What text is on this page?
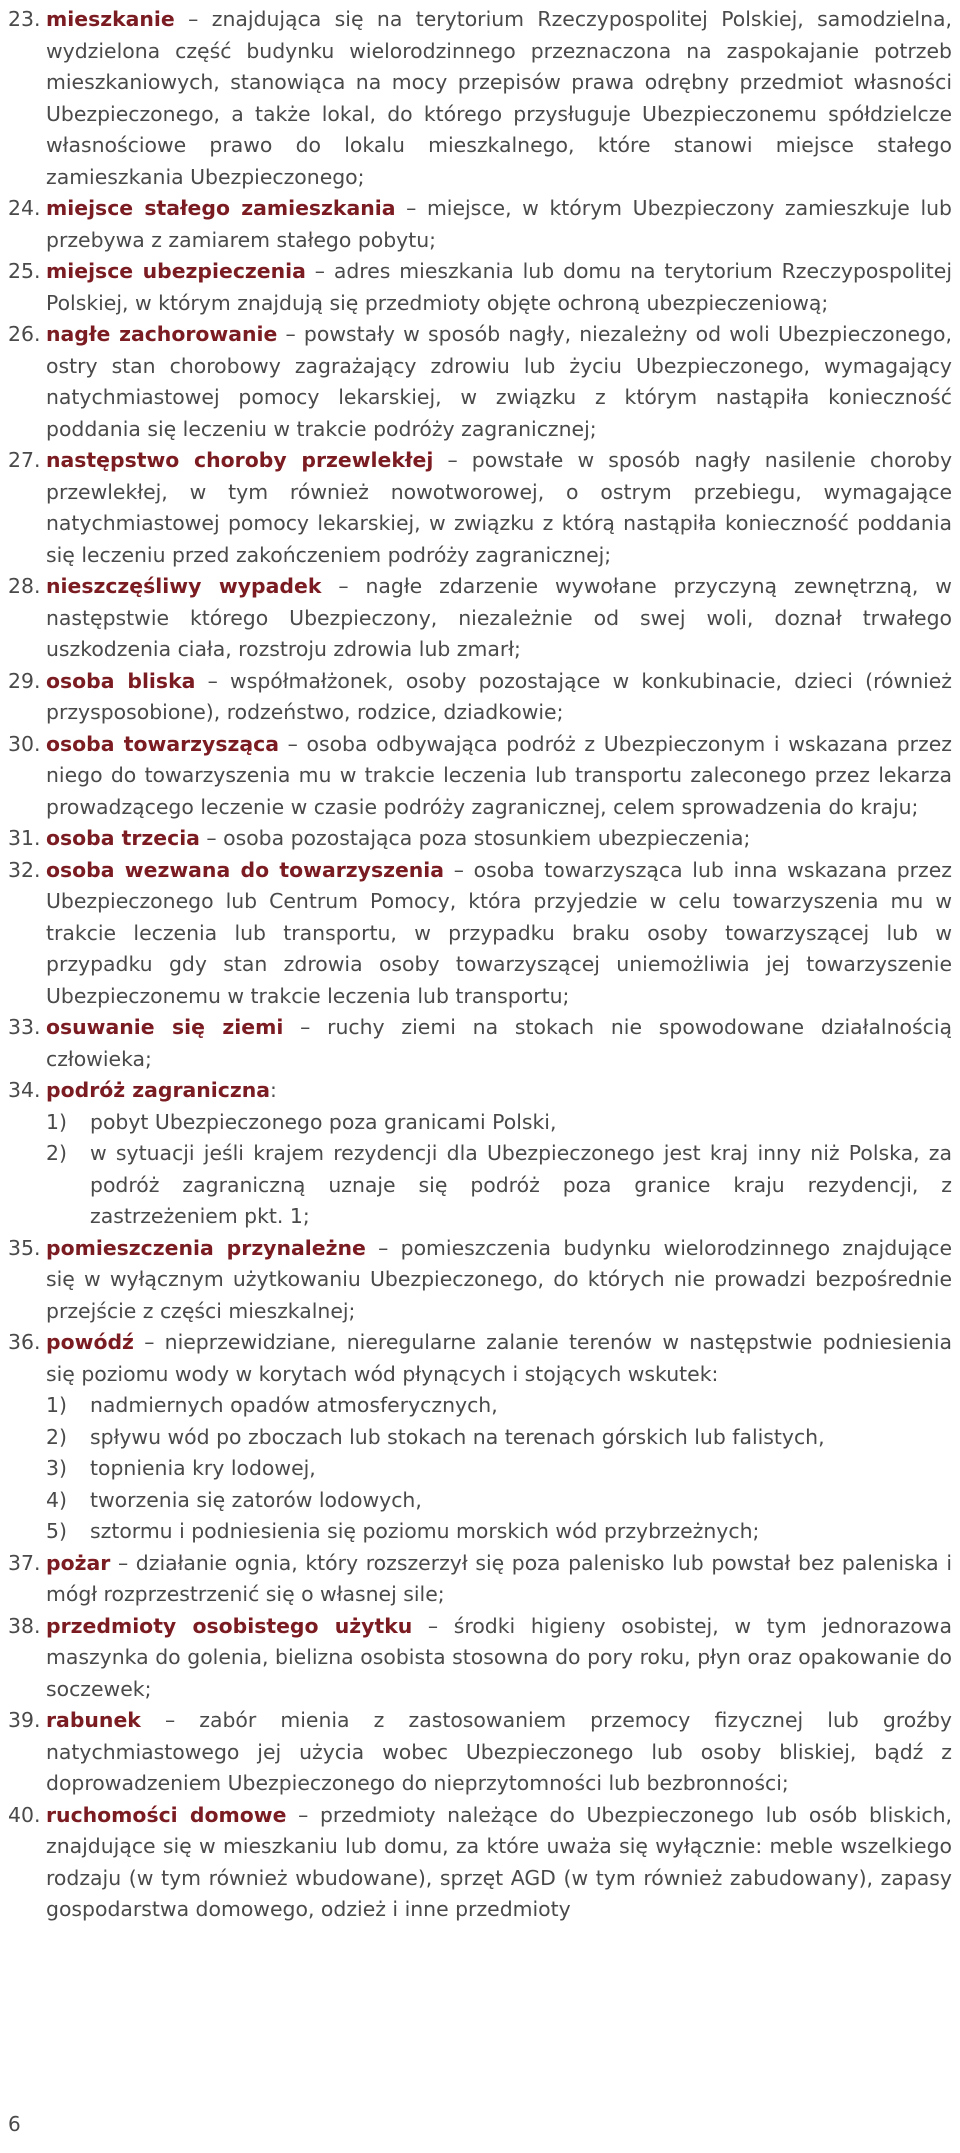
23. mieszkanie – znajdująca się na terytorium Rzeczypospolitej Polskiej, samodzielna, wydzielona część budynku wielorodzinnego przeznaczona na zaspokajanie potrzeb mieszkaniowych, stanowiąca na mocy przepisów prawa odrębny przedmiot własności Ubezpieczonego, a także lokal, do którego przysługuje Ubezpieczonemu spółdzielcze własnościowe prawo do lokalu mieszkalnego, które stanowi miejsce stałego zamieszkania Ubezpieczonego;
24. miejsce stałego zamieszkania – miejsce, w którym Ubezpieczony zamieszkuje lub przebywa z zamiarem stałego pobytu;
25. miejsce ubezpieczenia – adres mieszkania lub domu na terytorium Rzeczypospolitej Polskiej, w którym znajdują się przedmioty objęte ochroną ubezpieczeniową;
26. nagłe zachorowanie – powstały w sposób nagły, niezależny od woli Ubezpieczonego, ostry stan chorobowy zagrażający zdrowiu lub życiu Ubezpieczonego, wymagający natychmiastowej pomocy lekarskiej, w związku z którym nastąpiła konieczność poddania się leczeniu w trakcie podróży zagranicznej;
27. następstwo choroby przewlekłej – powstałe w sposób nagły nasilenie choroby przewlekłej, w tym również nowotworowej, o ostrym przebiegu, wymagające natychmiastowej pomocy lekarskiej, w związku z którą nastąpiła konieczność poddania się leczeniu przed zakończeniem podróży zagranicznej;
28. nieszczęśliwy wypadek – nagłe zdarzenie wywołane przyczyną zewnętrzną, w następstwie którego Ubezpieczony, niezależnie od swej woli, doznał trwałego uszkodzenia ciała, rozstroju zdrowia lub zmarł;
29. osoba bliska – współmałżonek, osoby pozostające w konkubinacie, dzieci (również przysposobione), rodzeństwo, rodzice, dziadkowie;
30. osoba towarzysząca – osoba odbywająca podróż z Ubezpieczonym i wskazana przez niego do towarzyszenia mu w trakcie leczenia lub transportu zaleconego przez lekarza prowadzącego leczenie w czasie podróży zagranicznej, celem sprowadzenia do kraju;
31. osoba trzecia – osoba pozostająca poza stosunkiem ubezpieczenia;
32. osoba wezwana do towarzyszenia – osoba towarzysząca lub inna wskazana przez Ubezpieczonego lub Centrum Pomocy, która przyjedzie w celu towarzyszenia mu w trakcie leczenia lub transportu, w przypadku braku osoby towarzyszącej lub w przypadku gdy stan zdrowia osoby towarzyszącej uniemożliwia jej towarzyszenie Ubezpieczonemu w trakcie leczenia lub transportu;
33. osuwanie się ziemi – ruchy ziemi na stokach nie spowodowane działalnością człowieka;
34. podróż zagraniczna:
1)	pobyt Ubezpieczonego poza granicami Polski,
2)	w sytuacji jeśli krajem rezydencji dla Ubezpieczonego jest kraj inny niż Polska, za podróż zagraniczną uznaje się podróż poza granice kraju rezydencji, z zastrzeżeniem pkt. 1;
35. pomieszczenia przynależne – pomieszczenia budynku wielorodzinnego znajdujące się w wyłącznym użytkowaniu Ubezpieczonego, do których nie prowadzi bezpośrednie przejście z części mieszkalnej;
36. powódź – nieprzewidziane, nieregularne zalanie terenów w następstwie podniesienia się poziomu wody w korytach wód płynących i stojących wskutek:
1)	nadmiernych opadów atmosferycznych,
2)	spływu wód po zboczach lub stokach na terenach górskich lub falistych,
3)	topnienia kry lodowej,
4)	tworzenia się zatorów lodowych,
5)	sztormu i podniesienia się poziomu morskich wód przybrzeżnych;
37. pożar – działanie ognia, który rozszerzył się poza palenisko lub powstał bez paleniska i mógł rozprzestrzenić się o własnej sile;
38. przedmioty osobistego użytku – środki higieny osobistej, w tym jednorazowa maszynka do golenia, bielizna osobista stosowna do pory roku, płyn oraz opakowanie do soczewek;
39. rabunek – zabór mienia z zastosowaniem przemocy fizycznej lub groźby natychmiastowego jej użycia wobec Ubezpieczonego lub osoby bliskiej, bądź z doprowadzeniem Ubezpieczonego do nieprzytomności lub bezbronności;
40. ruchomości domowe – przedmioty należące do Ubezpieczonego lub osób bliskich, znajdujące się w mieszkaniu lub domu, za które uważa się wyłącznie: meble wszelkiego rodzaju (w tym również wbudowane), sprzęt AGD (w tym również zabudowany), zapasy gospodarstwa domowego, odzież i inne przedmioty
6
